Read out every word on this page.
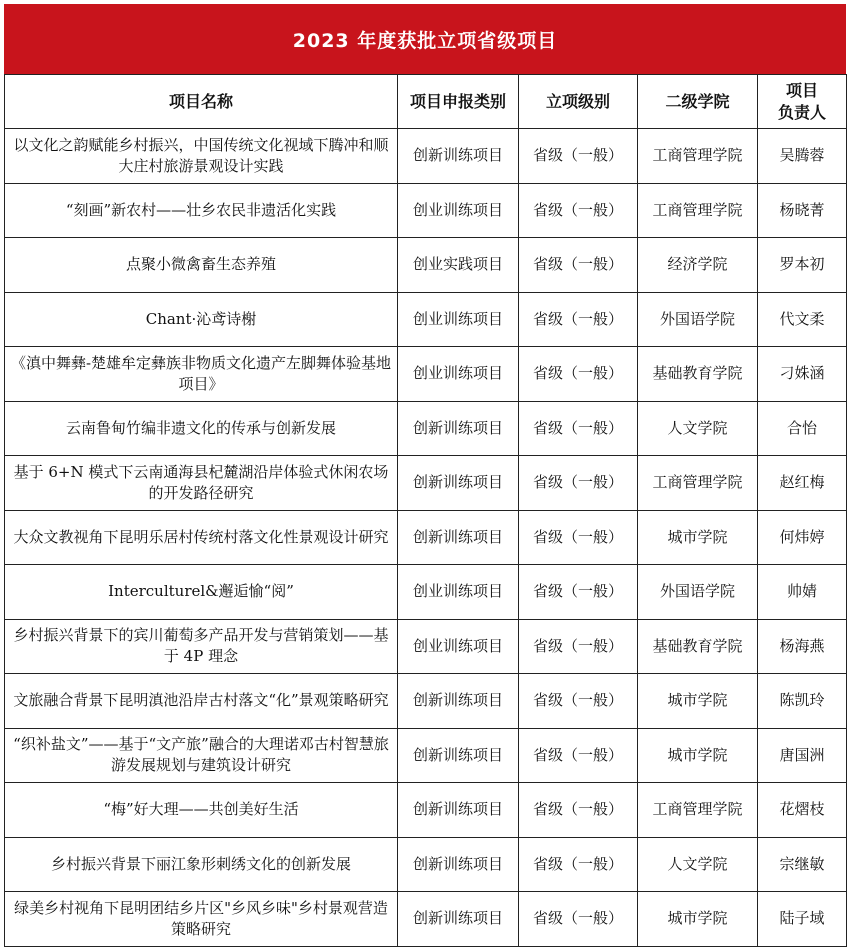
2023 年度获批立项省级项目
项目名称	项目申报类别	立项级别	二级学院	项目
负责人
以文化之韵赋能乡村振兴，中国传统文化视域下腾冲和顺大庄村旅游景观设计实践	创新训练项目	省级（一般）	工商管理学院	吴腾蓉
“刻画”新农村——壮乡农民非遗活化实践	创业训练项目	省级（一般）	工商管理学院	杨晓菁
点聚小微禽畜生态养殖	创业实践项目	省级（一般）	经济学院	罗本初
Chant·沁鸢诗榭	创业训练项目	省级（一般）	外国语学院	代文柔
《滇中舞彝-楚雄牟定彝族非物质文化遗产左脚舞体验基地项目》	创业训练项目	省级（一般）	基础教育学院	刁姝涵
云南鲁甸竹编非遗文化的传承与创新发展	创新训练项目	省级（一般）	人文学院	合怡
基于 6+N 模式下云南通海县杞麓湖沿岸体验式休闲农场的开发路径研究	创新训练项目	省级（一般）	工商管理学院	赵红梅
大众文教视角下昆明乐居村传统村落文化性景观设计研究	创新训练项目	省级（一般）	城市学院	何炜婷
Interculturel&邂逅愉“阅”	创业训练项目	省级（一般）	外国语学院	帅婧
乡村振兴背景下的宾川葡萄多产品开发与营销策划——基于 4P 理念	创业训练项目	省级（一般）	基础教育学院	杨海燕
文旅融合背景下昆明滇池沿岸古村落文“化”景观策略研究	创新训练项目	省级（一般）	城市学院	陈凯玲
“织补盐文”——基于“文产旅”融合的大理诺邓古村智慧旅游发展规划与建筑设计研究	创新训练项目	省级（一般）	城市学院	唐国洲
“梅”好大理——共创美好生活	创新训练项目	省级（一般）	工商管理学院	花熠枝
乡村振兴背景下丽江象形刺绣文化的创新发展	创新训练项目	省级（一般）	人文学院	宗继敏
绿美乡村视角下昆明团结乡片区"乡风乡味"乡村景观营造策略研究	创新训练项目	省级（一般）	城市学院	陆子域
